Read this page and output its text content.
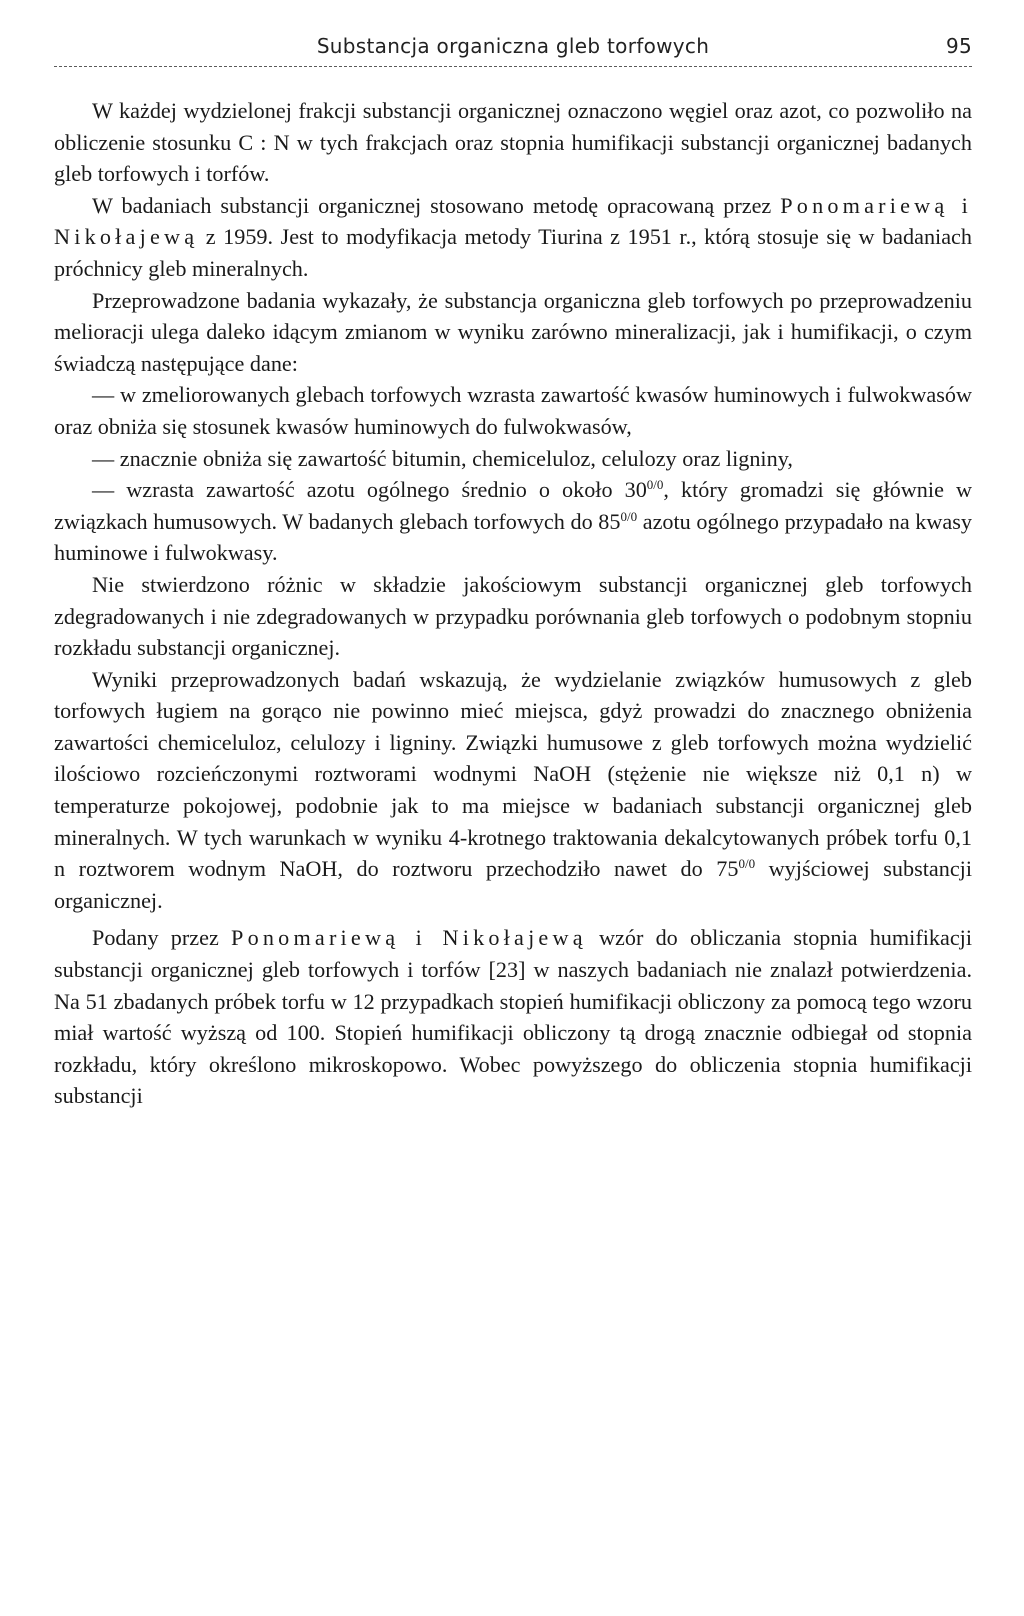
Substancja organiczna gleb torfowych	95

W każdej wydzielonej frakcji substancji organicznej oznaczono węgiel oraz azot, co pozwoliło na obliczenie stosunku C : N w tych frakcjach oraz stopnia humifikacji substancji organicznej badanych gleb torfowych i torfów.

W badaniach substancji organicznej stosowano metodę opracowaną przez Ponomariewą i Nikołajewą z 1959. Jest to modyfikacja metody Tiurina z 1951 r., którą stosuje się w badaniach próchnicy gleb mineralnych.

Przeprowadzone badania wykazały, że substancja organiczna gleb torfowych po przeprowadzeniu melioracji ulega daleko idącym zmianom w wyniku zarówno mineralizacji, jak i humifikacji, o czym świadczą następujące dane:

— w zmeliorowanych glebach torfowych wzrasta zawartość kwasów huminowych i fulwokwasów oraz obniża się stosunek kwasów huminowych do fulwokwasów,

— znacznie obniża się zawartość bitumin, chemiceluloz, celulozy oraz ligniny,

— wzrasta zawartość azotu ogólnego średnio o około $30^{0/0}$, który gromadzi się głównie w związkach humusowych. W badanych glebach torfowych do $85^{0/0}$ azotu ogólnego przypadało na kwasy huminowe i fulwokwasy.

Nie stwierdzono różnic w składzie jakościowym substancji organicznej gleb torfowych zdegradowanych i nie zdegradowanych w przypadku porównania gleb torfowych o podobnym stopniu rozkładu substancji organicznej.

Wyniki przeprowadzonych badań wskazują, że wydzielanie związków humusowych z gleb torfowych ługiem na gorąco nie powinno mieć miejsca, gdyż prowadzi do znacznego obniżenia zawartości chemiceluloz, celulozy i ligniny. Związki humusowe z gleb torfowych można wydzielić ilościowo rozcieńczonymi roztworami wodnymi NaOH (stężenie nie większe niż 0,1 n) w temperaturze pokojowej, podobnie jak to ma miejsce w badaniach substancji organicznej gleb mineralnych. W tych warunkach w wyniku 4-krotnego traktowania dekalcytowanych próbek torfu 0,1 n roztworem wodnym NaOH, do roztworu przechodziło nawet do $75^{0/0}$ wyjściowej substancji organicznej.

Podany przez Ponomariewą i Nikołajewą wzór do obliczania stopnia humifikacji substancji organicznej gleb torfowych i torfów [23] w naszych badaniach nie znalazł potwierdzenia. Na 51 zbadanych próbek torfu w 12 przypadkach stopień humifikacji obliczony za pomocą tego wzoru miał wartość wyższą od 100. Stopień humifikacji obliczony tą drogą znacznie odbiegał od stopnia rozkładu, który określono mikroskopowo. Wobec powyższego do obliczenia stopnia humifikacji substancji
